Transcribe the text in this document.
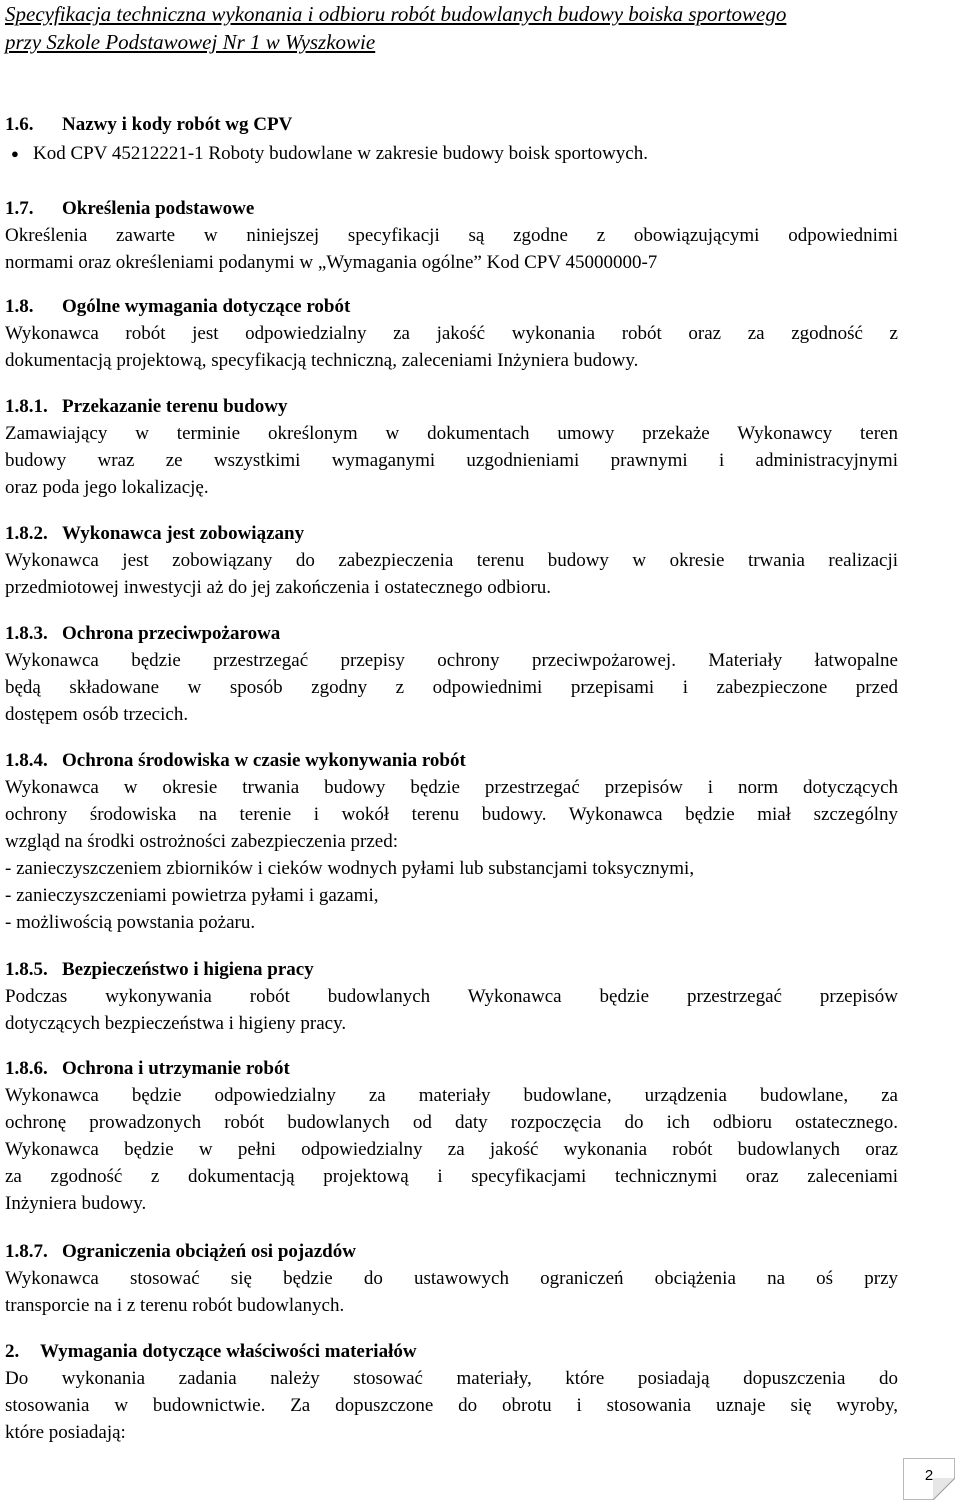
Specyfikacja techniczna wykonania i odbioru robót budowlanych budowy boiska sportowego
przy Szkole Podstawowej Nr 1 w Wyszkowie
1.6. Nazwy i kody robót wg CPV
● Kod CPV 45212221-1 Roboty budowlane w zakresie budowy boisk sportowych.
1.7. Określenia podstawowe
Określenia zawarte w niniejszej specyfikacji są zgodne z obowiązującymi odpowiednimi
normami oraz określeniami podanymi w „Wymagania ogólne” Kod CPV 45000000-7
1.8. Ogólne wymagania dotyczące robót
Wykonawca robót jest odpowiedzialny za jakość wykonania robót oraz za zgodność z
dokumentacją projektową, specyfikacją techniczną, zaleceniami Inżyniera budowy.
1.8.1. Przekazanie terenu budowy
Zamawiający w terminie określonym w dokumentach umowy przekaże Wykonawcy teren
budowy wraz ze wszystkimi wymaganymi uzgodnieniami prawnymi i administracyjnymi
oraz poda jego lokalizację.
1.8.2. Wykonawca jest zobowiązany
Wykonawca jest zobowiązany do zabezpieczenia terenu budowy w okresie trwania realizacji
przedmiotowej inwestycji aż do jej zakończenia i ostatecznego odbioru.
1.8.3. Ochrona przeciwpożarowa
Wykonawca będzie przestrzegać przepisy ochrony przeciwpożarowej. Materiały łatwopalne
będą składowane w sposób zgodny z odpowiednimi przepisami i zabezpieczone przed
dostępem osób trzecich.
1.8.4. Ochrona środowiska w czasie wykonywania robót
Wykonawca w okresie trwania budowy będzie przestrzegać przepisów i norm dotyczących
ochrony środowiska na terenie i wokół terenu budowy. Wykonawca będzie miał szczególny
wzgląd na środki ostrożności zabezpieczenia przed:
- zanieczyszczeniem zbiorników i cieków wodnych pyłami lub substancjami toksycznymi,
- zanieczyszczeniami powietrza pyłami i gazami,
- możliwością powstania pożaru.
1.8.5. Bezpieczeństwo i higiena pracy
Podczas wykonywania robót budowlanych Wykonawca będzie przestrzegać przepisów
dotyczących bezpieczeństwa i higieny pracy.
1.8.6. Ochrona i utrzymanie robót
Wykonawca będzie odpowiedzialny za materiały budowlane, urządzenia budowlane, za
ochronę prowadzonych robót budowlanych od daty rozpoczęcia do ich odbioru ostatecznego.
Wykonawca będzie w pełni odpowiedzialny za jakość wykonania robót budowlanych oraz
za zgodność z dokumentacją projektową i specyfikacjami technicznymi oraz zaleceniami
Inżyniera budowy.
1.8.7. Ograniczenia obciążeń osi pojazdów
Wykonawca stosować się będzie do ustawowych ograniczeń obciążenia na oś przy
transporcie na i z terenu robót budowlanych.
2. Wymagania dotyczące właściwości materiałów
Do wykonania zadania należy stosować materiały, które posiadają dopuszczenia do
stosowania w budownictwie. Za dopuszczone do obrotu i stosowania uznaje się wyroby,
które posiadają:
2
